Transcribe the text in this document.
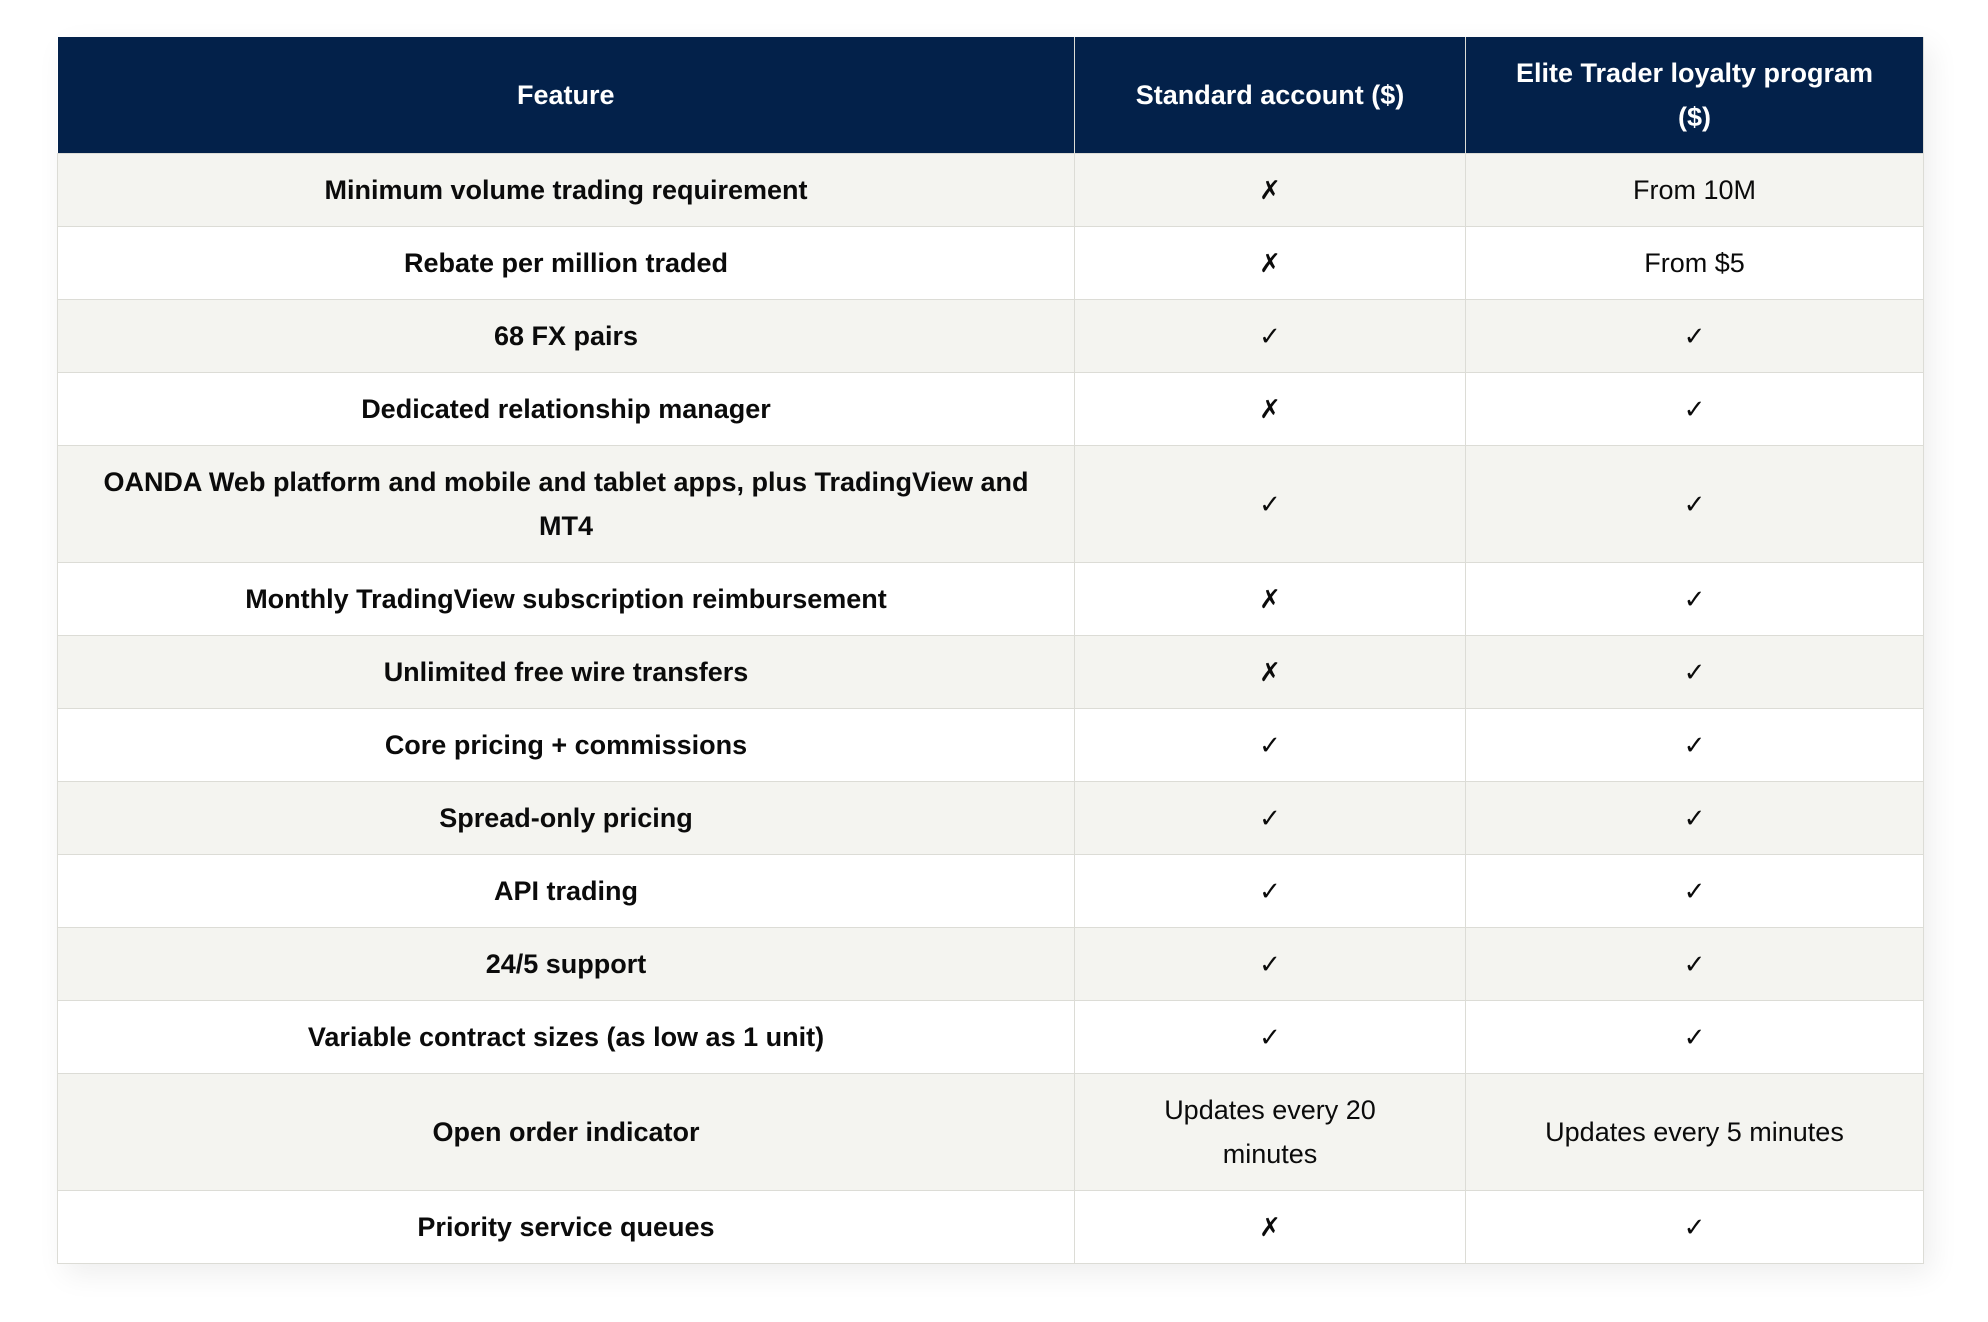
Feature	Standard account ($)	Elite Trader loyalty program ($)
Minimum volume trading requirement	✗	From 10M
Rebate per million traded	✗	From $5
68 FX pairs	✓	✓
Dedicated relationship manager	✗	✓
OANDA Web platform and mobile and tablet apps, plus TradingView and MT4	✓	✓
Monthly TradingView subscription reimbursement	✗	✓
Unlimited free wire transfers	✗	✓
Core pricing + commissions	✓	✓
Spread-only pricing	✓	✓
API trading	✓	✓
24/5 support	✓	✓
Variable contract sizes (as low as 1 unit)	✓	✓
Open order indicator	Updates every 20 minutes	Updates every 5 minutes
Priority service queues	✗	✓
